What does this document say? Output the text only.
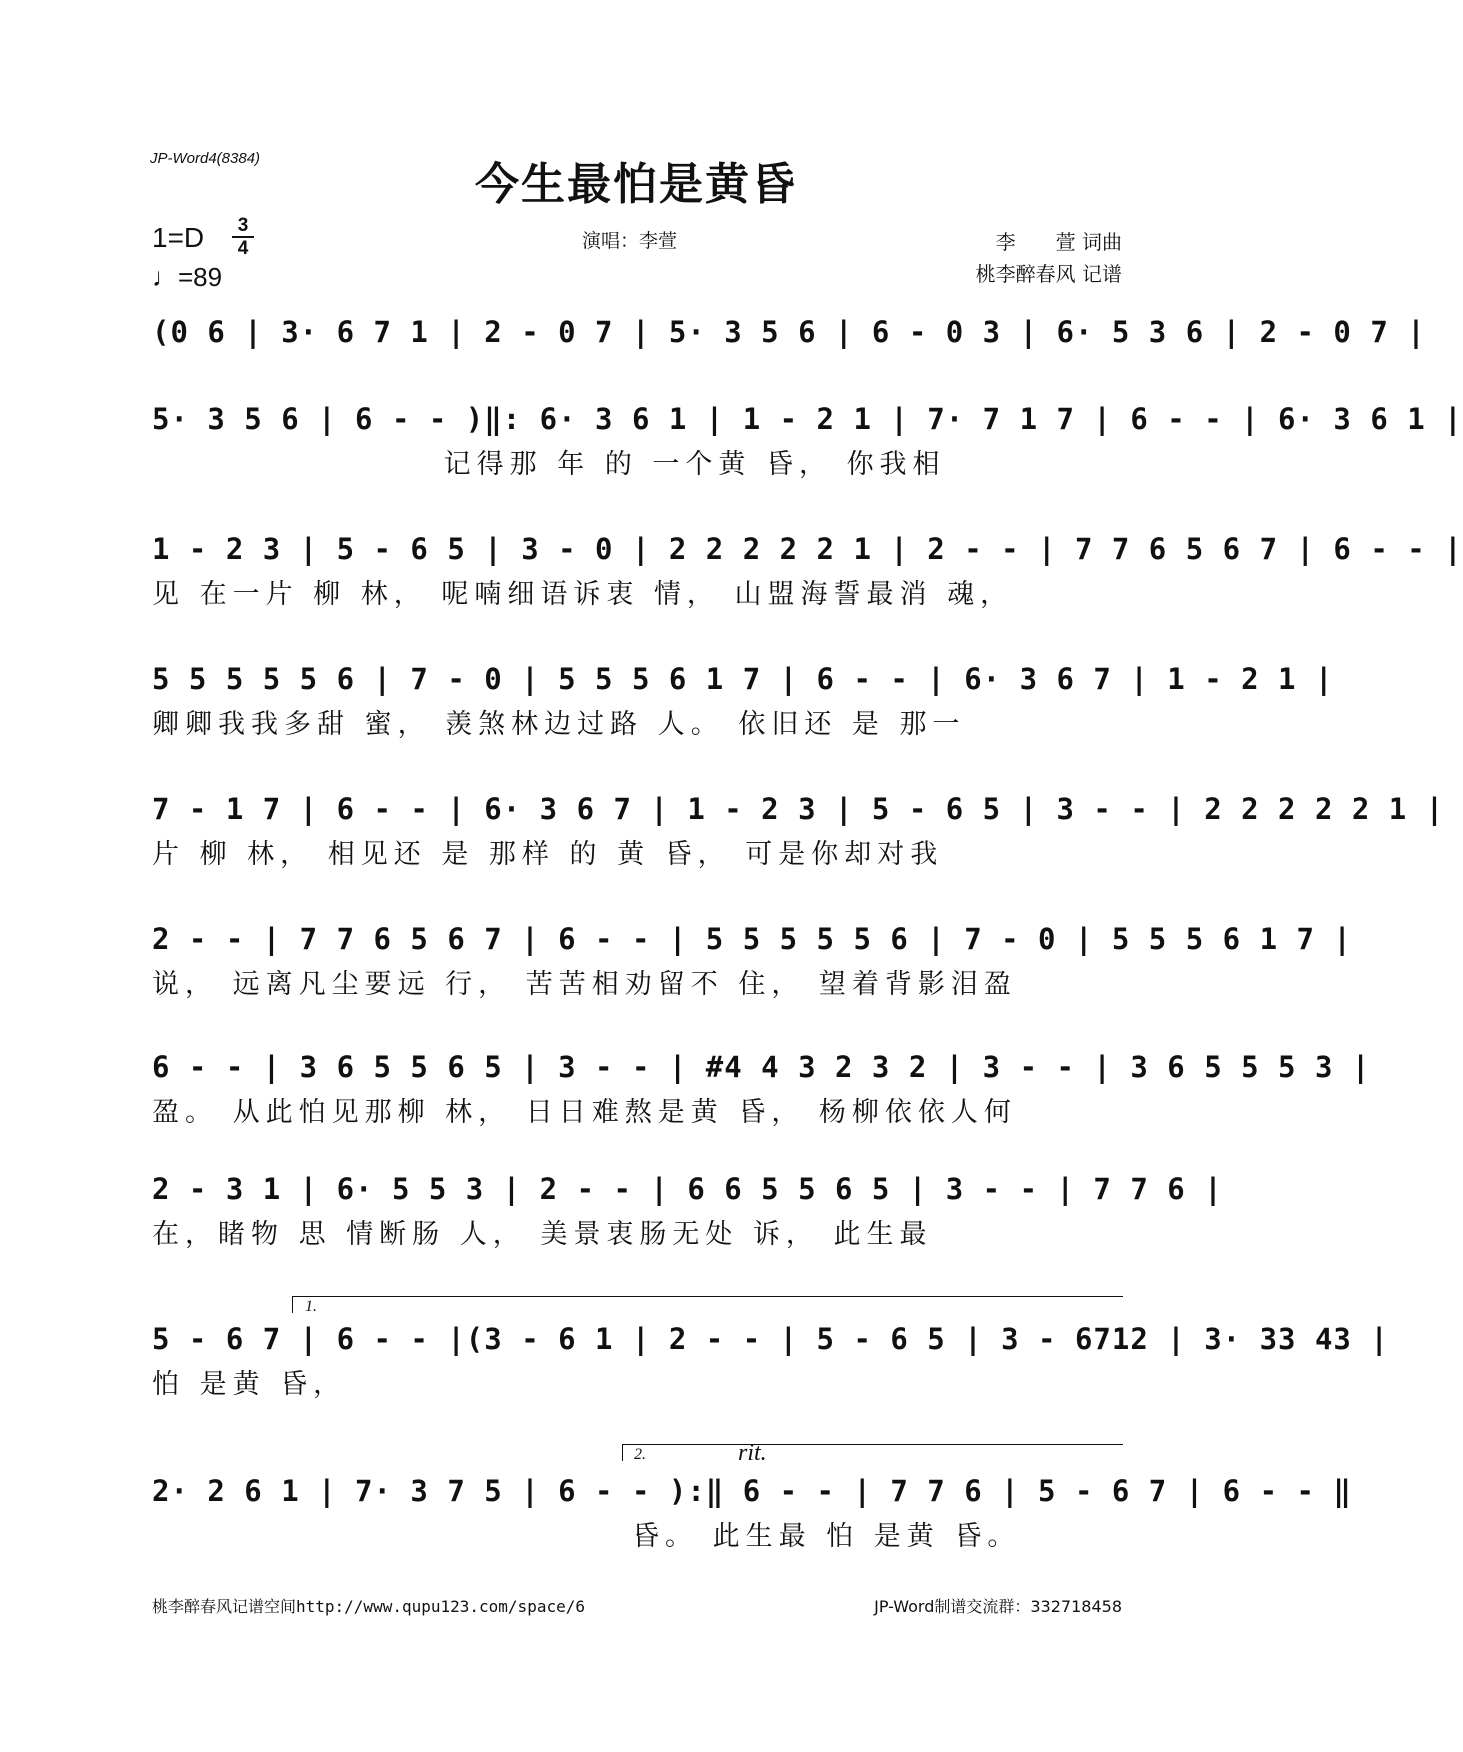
JP-Word4(8384)
今生最怕是黄昏
1=D	3
4
♩=89
演唱：李萱	李　　萱 词曲
桃李醉春风 记谱
(0 6 | 3· 6 7 1 | 2 - 0 7 | 5· 3 5 6 | 6 - 0 3 | 6· 5 3 6 | 2 - 0 7 |
5· 3 5 6 | 6 - - )‖: 6· 3 6 1 | 1 - 2 1 | 7· 7 1 7 | 6 - - | 6· 3 6 1 |
记得那 年 的 一个黄 昏， 你我相
1 - 2 3 | 5 - 6 5 | 3 - 0 | 2 2 2 2 2 1 | 2 - - | 7 7 6 5 6 7 | 6 - - |
见 在一片 柳 林， 呢喃细语诉衷 情， 山盟海誓最消 魂，
5 5 5 5 5 6 | 7 - 0 | 5 5 5 6 1 7 | 6 - - | 6· 3 6 7 | 1 - 2 1 |
卿卿我我多甜 蜜， 羡煞林边过路 人。 依旧还 是 那一
7 - 1 7 | 6 - - | 6· 3 6 7 | 1 - 2 3 | 5 - 6 5 | 3 - - | 2 2 2 2 2 1 |
片 柳 林， 相见还 是 那样 的 黄 昏， 可是你却对我
2 - - | 7 7 6 5 6 7 | 6 - - | 5 5 5 5 5 6 | 7 - 0 | 5 5 5 6 1 7 |
说， 远离凡尘要远 行， 苦苦相劝留不 住， 望着背影泪盈
6 - - | 3 6 5 5 6 5 | 3 - - | #4 4 3 2 3 2 | 3 - - | 3 6 5 5 5 3 |
盈。 从此怕见那柳 林， 日日难熬是黄 昏， 杨柳依依人何
2 - 3 1 | 6· 5 5 3 | 2 - - | 6 6 5 5 6 5 | 3 - - | 7 7 6 |
在，睹物 思 情断肠 人， 美景衷肠无处 诉， 此生最
1.
5 - 6 7 | 6 - - |(3 - 6 1 | 2 - - | 5 - 6 5 | 3 - 6712 | 3· 33 43 |
怕 是黄 昏，
2.	rit.
2· 2 6 1 | 7· 3 7 5 | 6 - - ):‖ 6 - - | 7 7 6 | 5 - 6 7 | 6 - - ‖
昏。 此生最 怕 是黄 昏。
桃李醉春风记谱空间http://www.qupu123.com/space/6	JP-Word制谱交流群：332718458
